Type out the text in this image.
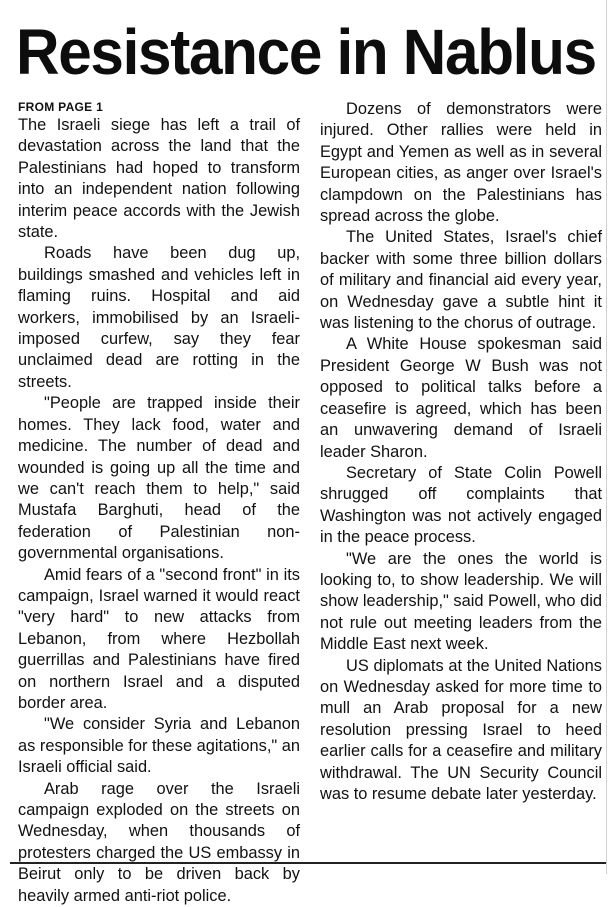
Resistance in Nablus
FROM PAGE 1

The Israeli siege has left a trail of devastation across the land that the Palestinians had hoped to transform into an independent nation following interim peace accords with the Jewish state.

Roads have been dug up, buildings smashed and vehicles left in flaming ruins. Hospital and aid workers, immobilised by an Israeli-imposed curfew, say they fear unclaimed dead are rotting in the streets.

"People are trapped inside their homes. They lack food, water and medicine. The number of dead and wounded is going up all the time and we can't reach them to help," said Mustafa Barghuti, head of the federation of Palestinian non-governmental organisations.

Amid fears of a "second front" in its campaign, Israel warned it would react "very hard" to new attacks from Lebanon, from where Hezbollah guerrillas and Palestinians have fired on northern Israel and a disputed border area.

"We consider Syria and Lebanon as responsible for these agitations," an Israeli official said.

Arab rage over the Israeli campaign exploded on the streets on Wednesday, when thousands of protesters charged the US embassy in Beirut only to be driven back by heavily armed anti-riot police.

Dozens of demonstrators were injured. Other rallies were held in Egypt and Yemen as well as in several European cities, as anger over Israel's clampdown on the Palestinians has spread across the globe.

The United States, Israel's chief backer with some three billion dollars of military and financial aid every year, on Wednesday gave a subtle hint it was listening to the chorus of outrage.

A White House spokesman said President George W Bush was not opposed to political talks before a ceasefire is agreed, which has been an unwavering demand of Israeli leader Sharon.

Secretary of State Colin Powell shrugged off complaints that Washington was not actively engaged in the peace process.

"We are the ones the world is looking to, to show leadership. We will show leadership," said Powell, who did not rule out meeting leaders from the Middle East next week.

US diplomats at the United Nations on Wednesday asked for more time to mull an Arab proposal for a new resolution pressing Israel to heed earlier calls for a ceasefire and military withdrawal. The UN Security Council was to resume debate later yesterday.
